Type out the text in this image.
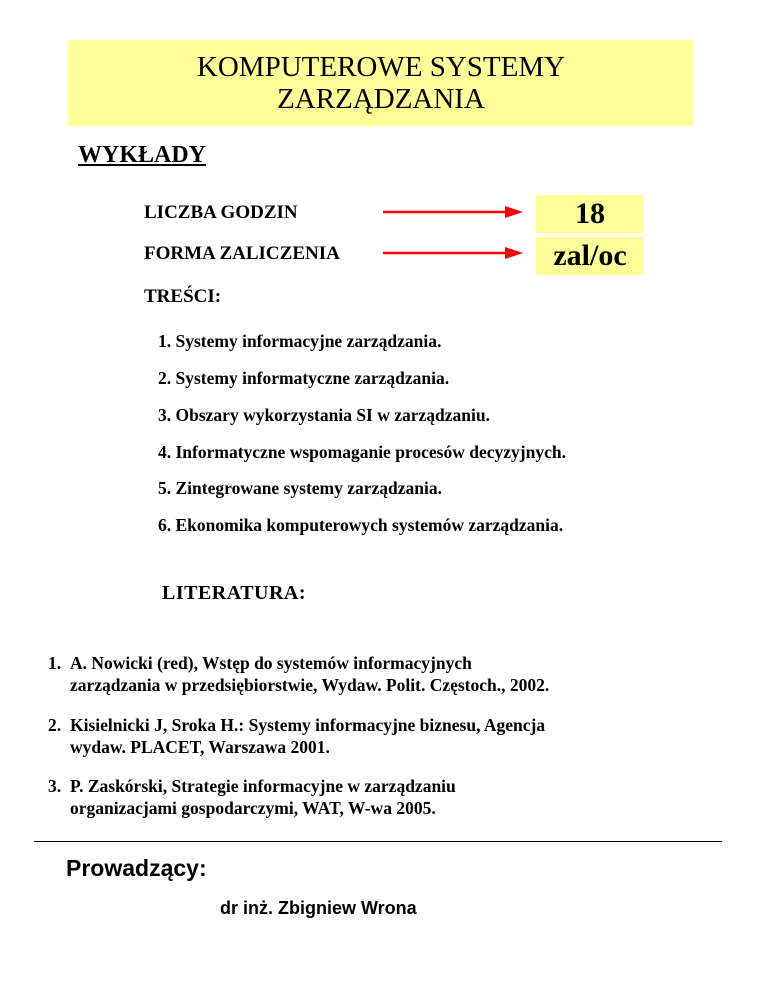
KOMPUTEROWE SYSTEMY
ZARZĄDZANIA
WYKŁADY
LICZBA GODZIN	18
FORMA ZALICZENIA	zal/oc
TREŚCI:
1. Systemy informacyjne zarządzania.
2. Systemy informatyczne zarządzania.
3. Obszary wykorzystania SI w zarządzaniu.
4. Informatyczne wspomaganie procesów decyzyjnych.
5. Zintegrowane systemy zarządzania.
6. Ekonomika komputerowych systemów zarządzania.
LITERATURA:
1. A. Nowicki (red), Wstęp do systemów informacyjnych
zarządzania w przedsiębiorstwie, Wydaw. Polit. Częstoch., 2002.
2. Kisielnicki J, Sroka H.: Systemy informacyjne biznesu, Agencja
wydaw. PLACET, Warszawa 2001.
3. P. Zaskórski, Strategie informacyjne w zarządzaniu
organizacjami gospodarczymi, WAT, W-wa 2005.
Prowadzący:
dr inż. Zbigniew Wrona
